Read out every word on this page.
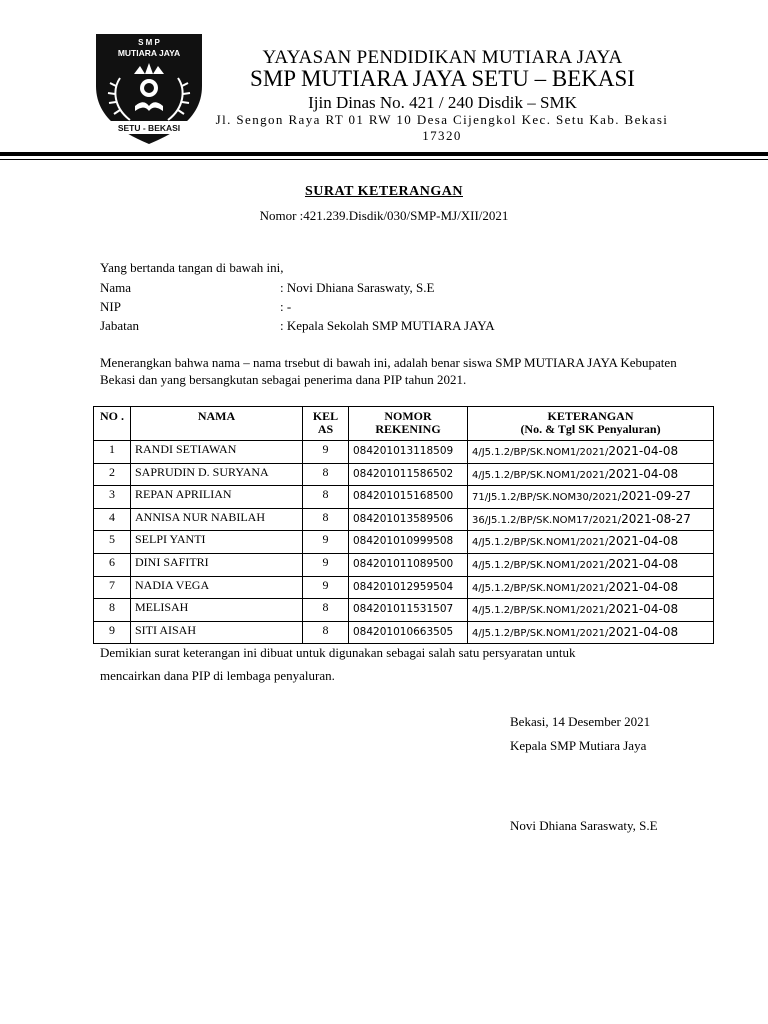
S M P
MUTIARA JAYA
SETU - BEKASI
YAYASAN PENDIDIKAN MUTIARA JAYA
SMP MUTIARA JAYA SETU – BEKASI
Ijin Dinas No. 421 / 240 Disdik – SMK
Jl. Sengon Raya RT 01 RW 10 Desa Cijengkol Kec. Setu Kab. Bekasi 17320
SURAT KETERANGAN
Nomor :421.239.Disdik/030/SMP-MJ/XII/2021
Yang bertanda tangan di bawah ini,
Nama	: Novi Dhiana Saraswaty, S.E
NIP	: -
Jabatan	: Kepala Sekolah SMP MUTIARA JAYA
Menerangkan bahwa nama – nama trsebut di bawah ini, adalah benar siswa SMP MUTIARA JAYA Kebupaten Bekasi dan yang bersangkutan sebagai penerima dana PIP tahun 2021.
NO .	NAMA	KEL AS	NOMOR REKENING	KETERANGAN
(No. & Tgl SK Penyaluran)

1	RANDI SETIAWAN	9	084201013118509	4/J5.1.2/BP/SK.NOM1/2021/2021-04-08
2	SAPRUDIN D. SURYANA	8	084201011586502	4/J5.1.2/BP/SK.NOM1/2021/2021-04-08
3	REPAN APRILIAN	8	084201015168500	71/J5.1.2/BP/SK.NOM30/2021/2021-09-27
4	ANNISA NUR NABILAH	8	084201013589506	36/J5.1.2/BP/SK.NOM17/2021/2021-08-27
5	SELPI YANTI	9	084201010999508	4/J5.1.2/BP/SK.NOM1/2021/2021-04-08
6	DINI SAFITRI	9	084201011089500	4/J5.1.2/BP/SK.NOM1/2021/2021-04-08
7	NADIA VEGA	9	084201012959504	4/J5.1.2/BP/SK.NOM1/2021/2021-04-08
8	MELISAH	8	084201011531507	4/J5.1.2/BP/SK.NOM1/2021/2021-04-08
9	SITI AISAH	8	084201010663505	4/J5.1.2/BP/SK.NOM1/2021/2021-04-08
Demikian surat keterangan ini dibuat untuk digunakan sebagai salah satu persyaratan untuk
mencairkan dana PIP di lembaga penyaluran.
Bekasi, 14 Desember 2021
Kepala SMP Mutiara Jaya
Novi Dhiana Saraswaty, S.E
